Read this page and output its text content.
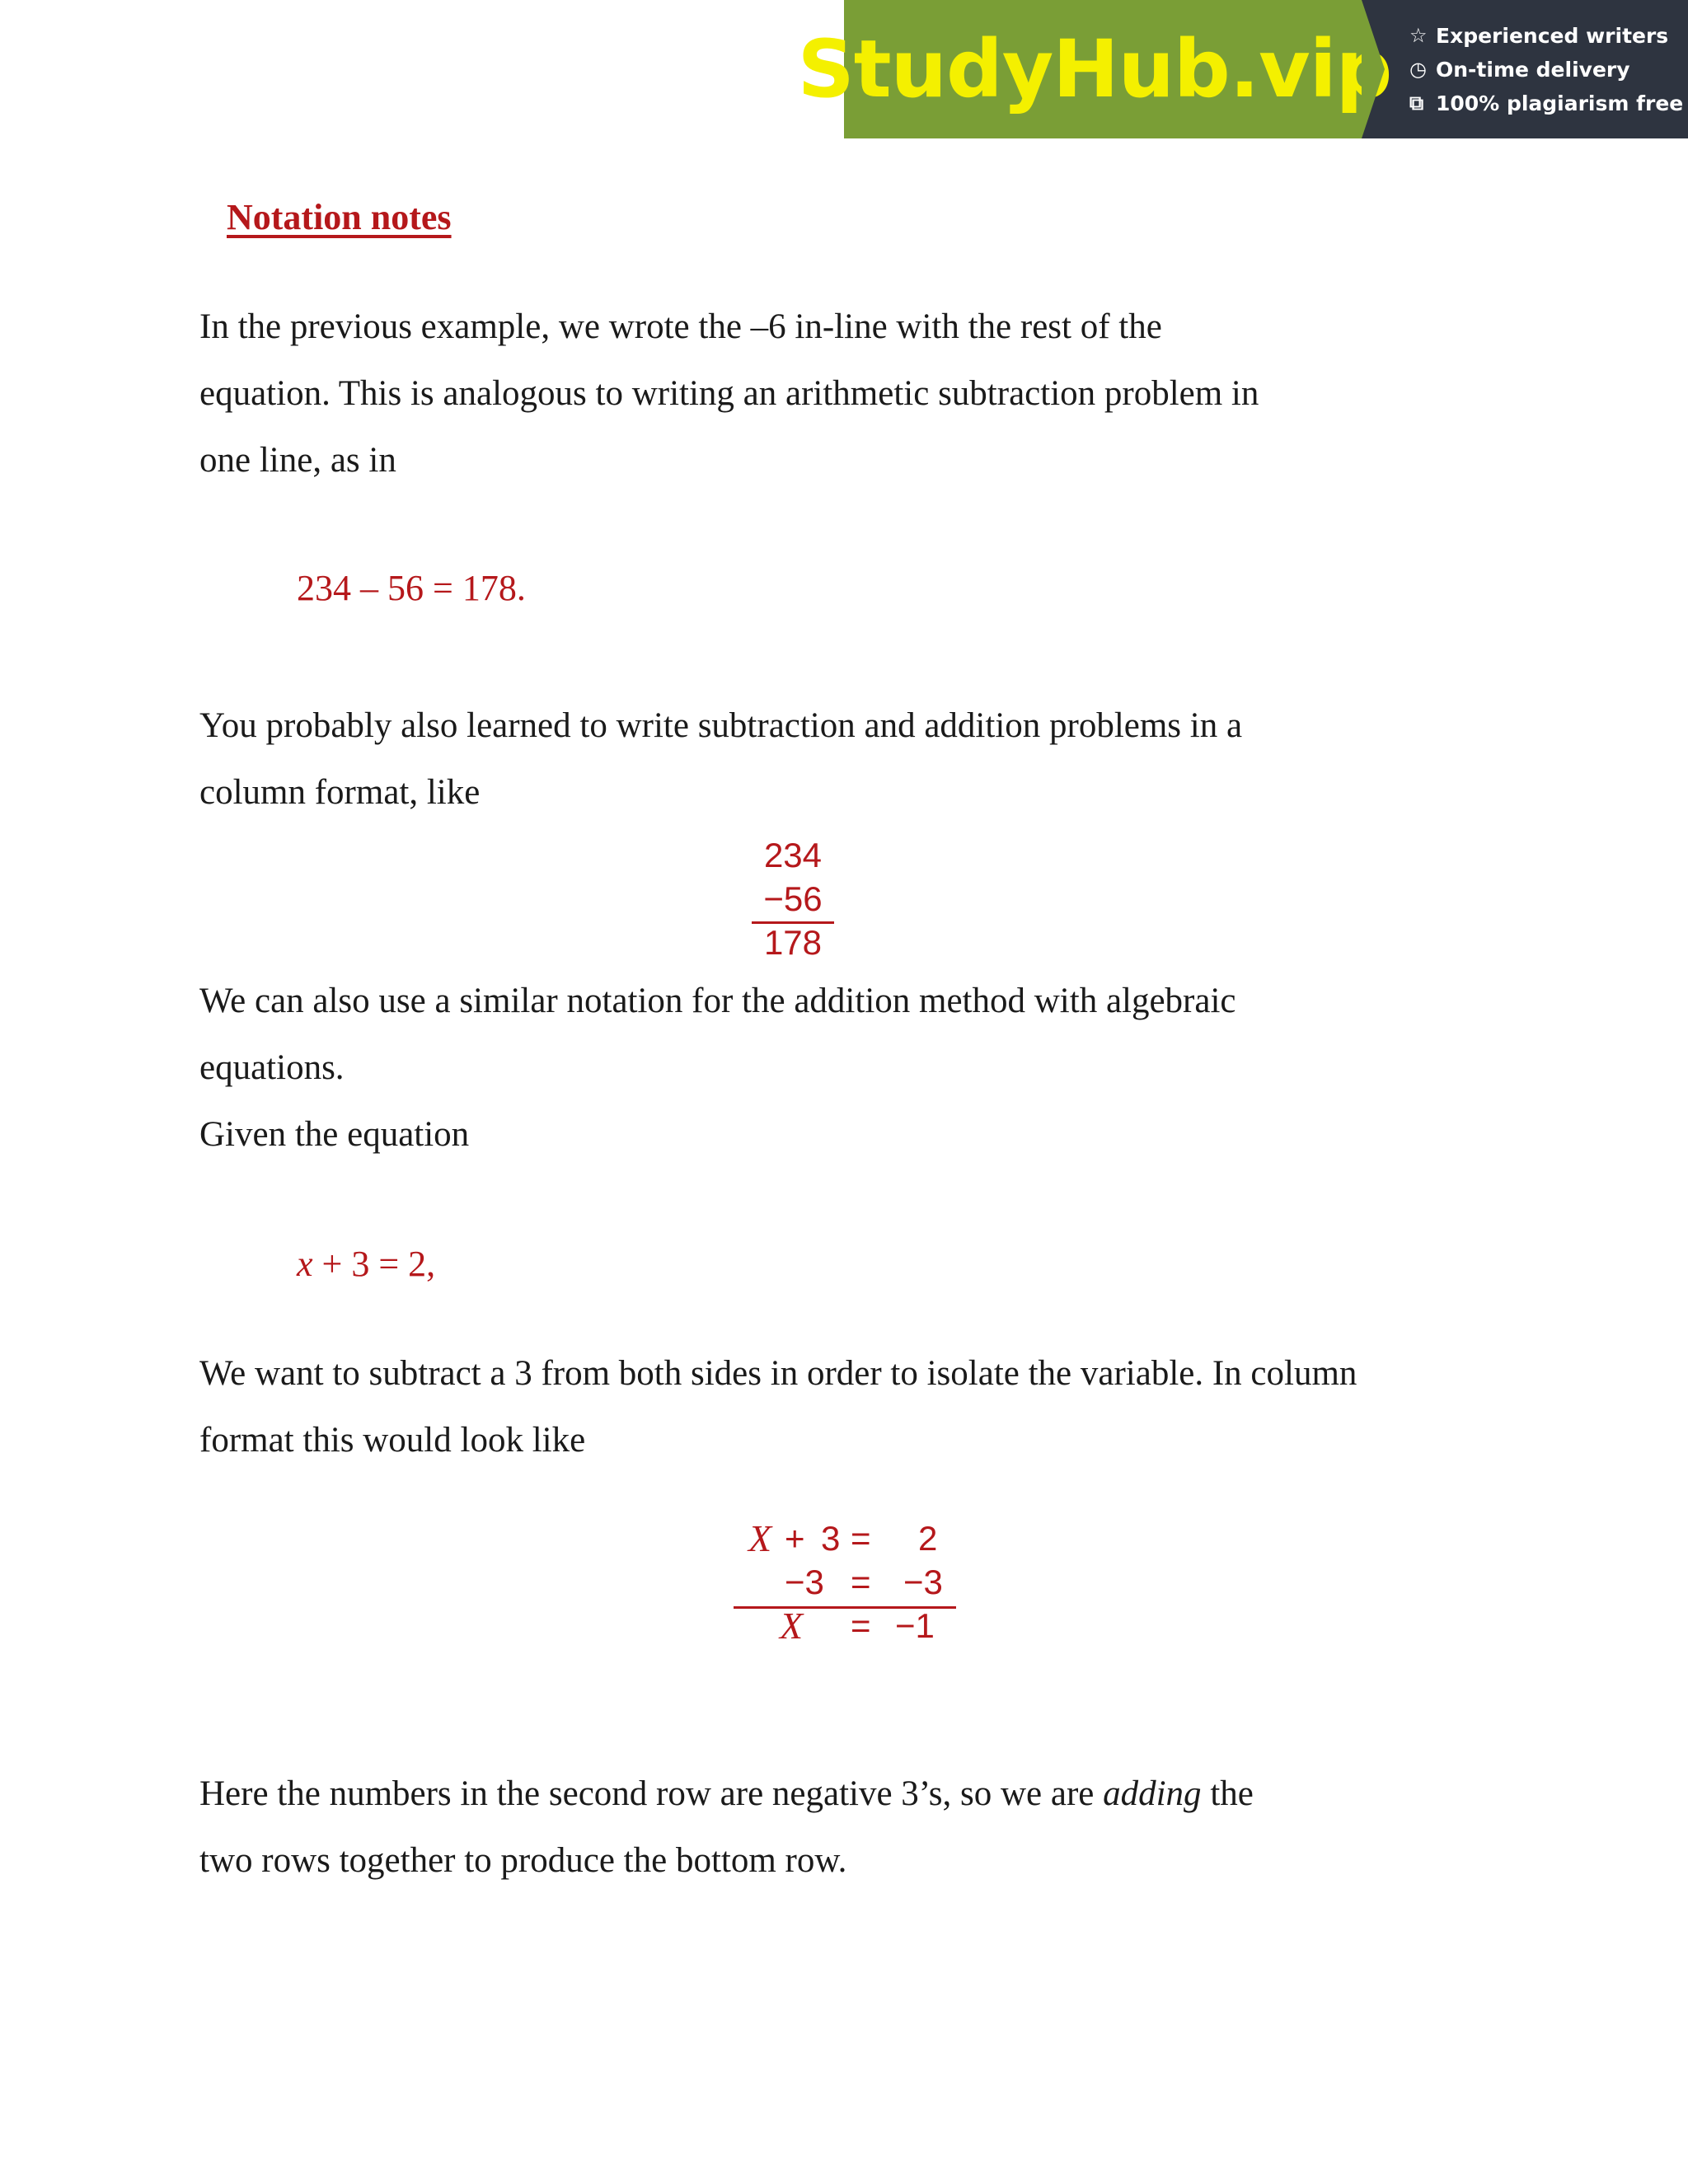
StudyHub.vip ☆ Experienced writers
◷ On-time delivery
⧉ 100% plagiarism free
Notation notes

In the previous example, we wrote the –6 in-line with the rest of the

equation. This is analogous to writing an arithmetic subtraction problem in

one line, as in

234 – 56 = 178.

You probably also learned to write subtraction and addition problems in a

column format, like

234
−56
178

We can also use a similar notation for the addition method with algebraic

equations.

Given the equation

x + 3 = 2,

We want to subtract a 3 from both sides in order to isolate the variable. In column

format this would look like

X + 3 = 2
−3 = −3
X = −1

Here the numbers in the second row are negative 3’s, so we are adding the

two rows together to produce the bottom row.
